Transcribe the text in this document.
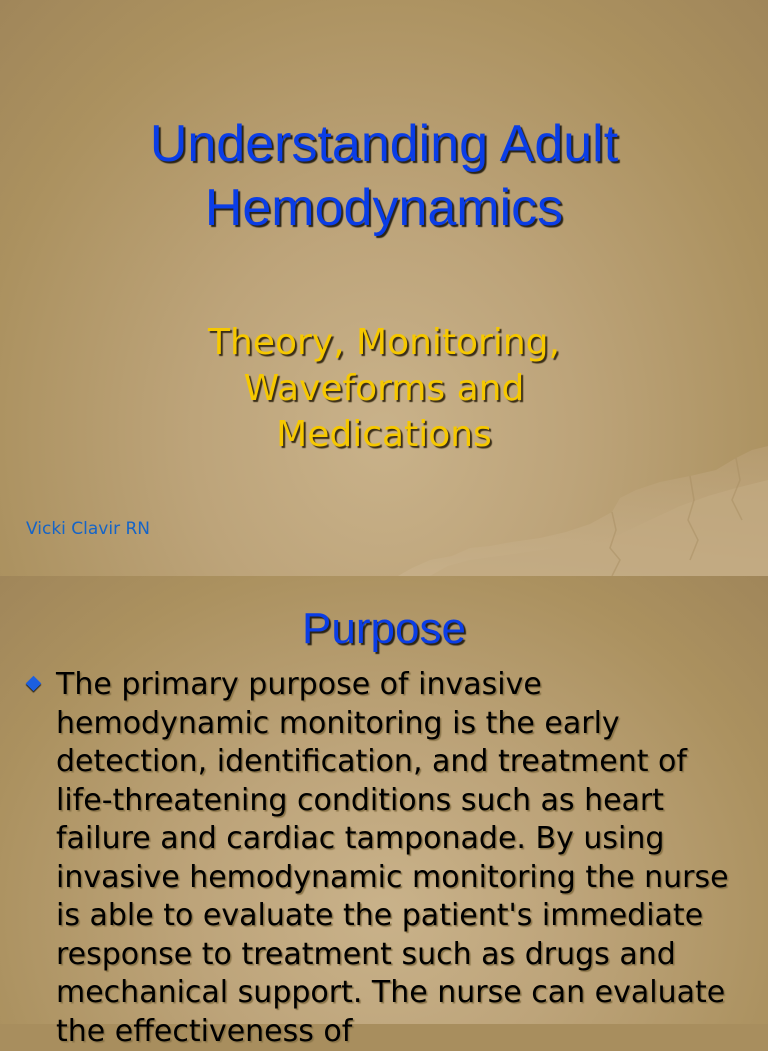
Understanding Adult
Hemodynamics
Theory, Monitoring,
Waveforms and
Medications
Vicki Clavir RN
Purpose
The primary purpose of invasive hemodynamic monitoring is the early detection, identification, and treatment of life-threatening conditions such as heart failure and cardiac tamponade. By using invasive hemodynamic monitoring the nurse is able to evaluate the patient's immediate response to treatment such as drugs and mechanical support. The nurse can evaluate the effectiveness of
